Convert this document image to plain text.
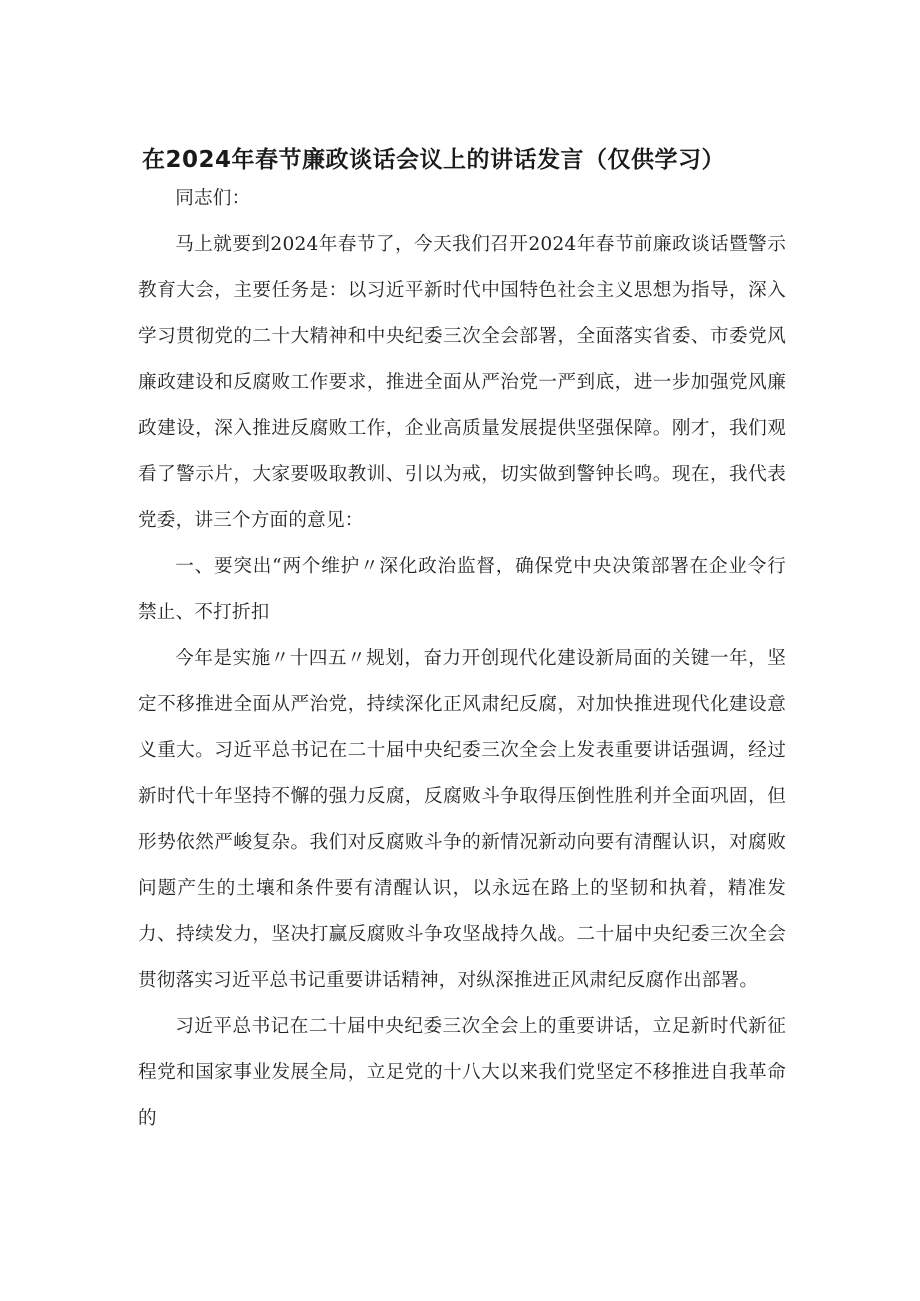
在2024年春节廉政谈话会议上的讲话发言（仅供学习）

同志们：

马上就要到2024年春节了，今天我们召开2024年春节前廉政谈话暨警示教育大会，主要任务是：以习近平新时代中国特色社会主义思想为指导，深入学习贯彻党的二十大精神和中央纪委三次全会部署，全面落实省委、市委党风廉政建设和反腐败工作要求，推进全面从严治党一严到底，进一步加强党风廉政建设，深入推进反腐败工作，企业高质量发展提供坚强保障。刚才，我们观看了警示片，大家要吸取教训、引以为戒，切实做到警钟长鸣。现在，我代表党委，讲三个方面的意见：

一、要突出“两个维护〃深化政治监督，确保党中央决策部署在企业令行禁止、不打折扣

今年是实施〃十四五〃规划，奋力开创现代化建设新局面的关键一年，坚定不移推进全面从严治党，持续深化正风肃纪反腐，对加快推进现代化建设意义重大。习近平总书记在二十届中央纪委三次全会上发表重要讲话强调，经过新时代十年坚持不懈的强力反腐，反腐败斗争取得压倒性胜利并全面巩固，但形势依然严峻复杂。我们对反腐败斗争的新情况新动向要有清醒认识，对腐败问题产生的土壤和条件要有清醒认识，以永远在路上的坚韧和执着，精准发力、持续发力，坚决打赢反腐败斗争攻坚战持久战。二十届中央纪委三次全会贯彻落实习近平总书记重要讲话精神，对纵深推进正风肃纪反腐作出部署。

习近平总书记在二十届中央纪委三次全会上的重要讲话，立足新时代新征程党和国家事业发展全局，立足党的十八大以来我们党坚定不移推进自我革命的
